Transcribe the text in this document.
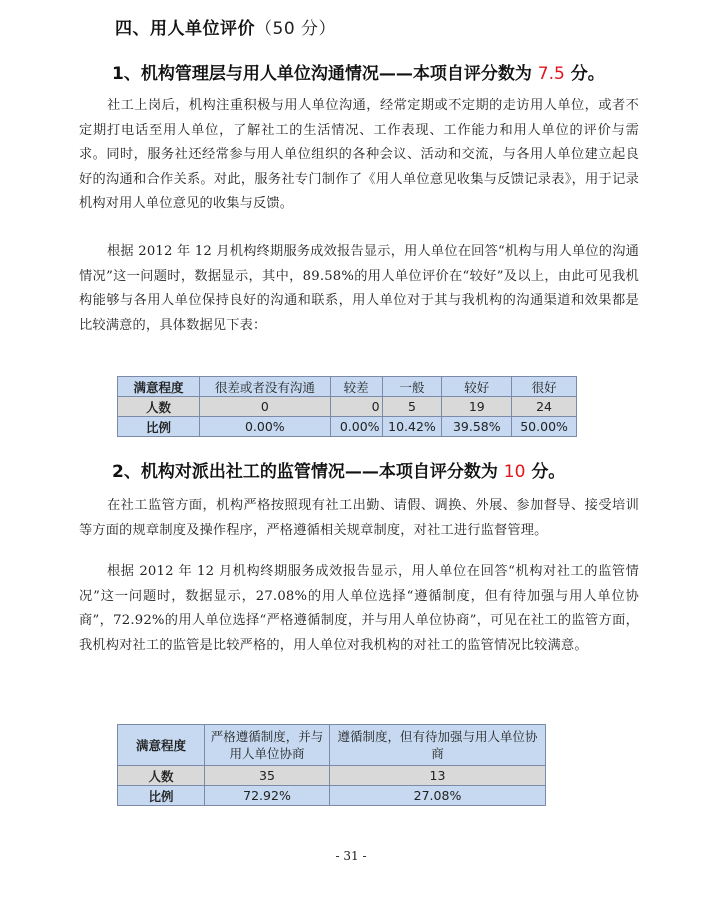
四、用人单位评价（50 分）
1、机构管理层与用人单位沟通情况——本项自评分数为 7.5 分。
社工上岗后，机构注重积极与用人单位沟通，经常定期或不定期的走访用人单位，或者不定期打电话至用人单位，了解社工的生活情况、工作表现、工作能力和用人单位的评价与需求。同时，服务社还经常参与用人单位组织的各种会议、活动和交流，与各用人单位建立起良好的沟通和合作关系。对此，服务社专门制作了《用人单位意见收集与反馈记录表》，用于记录机构对用人单位意见的收集与反馈。
根据 2012 年 12 月机构终期服务成效报告显示，用人单位在回答“机构与用人单位的沟通情况”这一问题时，数据显示，其中，89.58%的用人单位评价在“较好”及以上，由此可见我机构能够与各用人单位保持良好的沟通和联系，用人单位对于其与我机构的沟通渠道和效果都是比较满意的，具体数据见下表：
满意程度	很差或者没有沟通	较差	一般	较好	很好
人数	0	0	5	19	24
比例	0.00%	0.00%	10.42%	39.58%	50.00%
2、机构对派出社工的监管情况——本项自评分数为 10 分。
在社工监管方面，机构严格按照现有社工出勤、请假、调换、外展、参加督导、接受培训等方面的规章制度及操作程序，严格遵循相关规章制度，对社工进行监督管理。
根据 2012 年 12 月机构终期服务成效报告显示，用人单位在回答“机构对社工的监管情况”这一问题时，数据显示，27.08%的用人单位选择“遵循制度，但有待加强与用人单位协商”，72.92%的用人单位选择“严格遵循制度，并与用人单位协商”，可见在社工的监管方面，我机构对社工的监管是比较严格的，用人单位对我机构的对社工的监管情况比较满意。
满意程度	严格遵循制度，并与用人单位协商	遵循制度，但有待加强与用人单位协商
人数	35	13
比例	72.92%	27.08%
- 31 -
